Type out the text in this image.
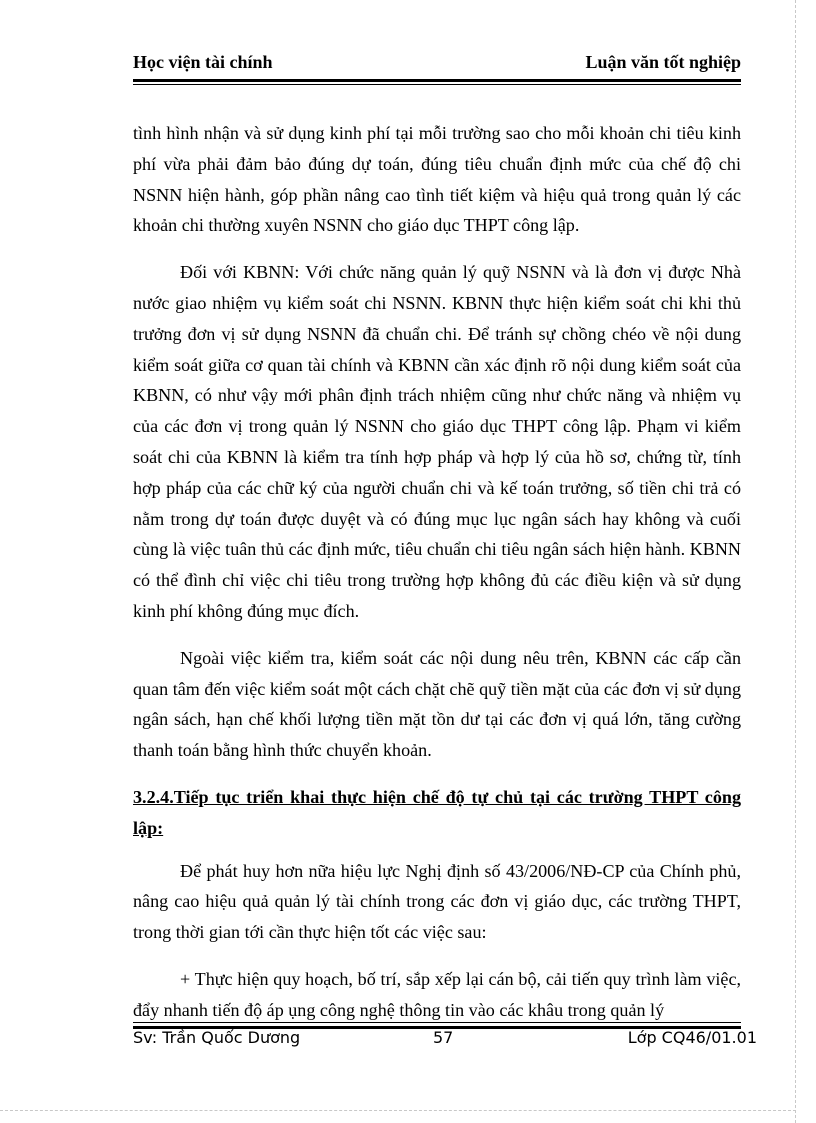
Học viện tài chính	Luận văn tốt nghiệp

tình hình nhận và sử dụng kinh phí tại mỗi trường sao cho mỗi khoản chi tiêu kinh phí vừa phải đảm bảo đúng dự toán, đúng tiêu chuẩn định mức của chế độ chi NSNN hiện hành, góp phần nâng cao tình tiết kiệm và hiệu quả trong quản lý các khoản chi thường xuyên NSNN cho giáo dục THPT công lập.

Đối với KBNN: Với chức năng quản lý quỹ NSNN và là đơn vị được Nhà nước giao nhiệm vụ kiểm soát chi NSNN. KBNN thực hiện kiểm soát chi khi thủ trưởng đơn vị sử dụng NSNN đã chuẩn chi. Để tránh sự chồng chéo về nội dung kiểm soát giữa cơ quan tài chính và KBNN cần xác định rõ nội dung kiểm soát của KBNN, có như vậy mới phân định trách nhiệm cũng như chức năng và nhiệm vụ của các đơn vị trong quản lý NSNN cho giáo dục THPT công lập. Phạm vi kiểm soát chi của KBNN là kiểm tra tính hợp pháp và hợp lý của hồ sơ, chứng từ, tính hợp pháp của các chữ ký của người chuẩn chi và kế toán trưởng, số tiền chi trả có nằm trong dự toán được duyệt và có đúng mục lục ngân sách hay không và cuối cùng là việc tuân thủ các định mức, tiêu chuẩn chi tiêu ngân sách hiện hành. KBNN có thể đình chỉ việc chi tiêu trong trường hợp không đủ các điều kiện và sử dụng kinh phí không đúng mục đích.

Ngoài việc kiểm tra, kiểm soát các nội dung nêu trên, KBNN các cấp cần quan tâm đến việc kiểm soát một cách chặt chẽ quỹ tiền mặt của các đơn vị sử dụng ngân sách, hạn chế khối lượng tiền mặt tồn dư tại các đơn vị quá lớn, tăng cường thanh toán bằng hình thức chuyển khoản.

3.2.4.Tiếp tục triển khai thực hiện chế độ tự chủ tại các trường THPT công lập:

Để phát huy hơn nữa hiệu lực Nghị định số 43/2006/NĐ-CP của Chính phủ, nâng cao hiệu quả quản lý tài chính trong các đơn vị giáo dục, các trường THPT, trong thời gian tới cần thực hiện tốt các việc sau:

+ Thực hiện quy hoạch, bố trí, sắp xếp lại cán bộ, cải tiến quy trình làm việc, đẩy nhanh tiến độ áp ụng công nghệ thông tin vào các khâu trong quản lý

Sv: Trần Quốc Dương	57	Lớp CQ46/01.01
